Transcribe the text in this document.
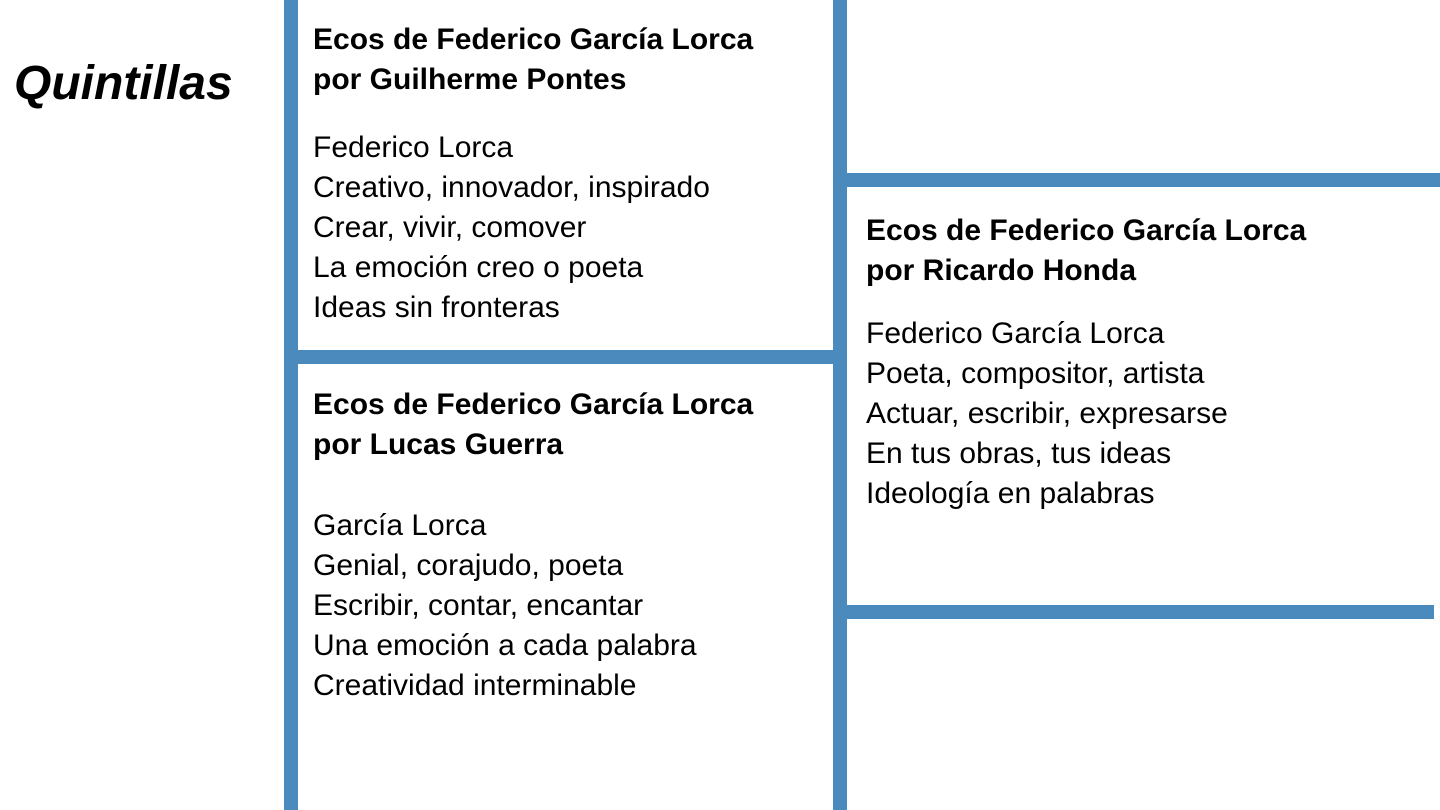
Quintillas
Ecos de Federico García Lorca
por Guilherme Pontes
Federico Lorca
Creativo, innovador, inspirado
Crear, vivir, comover
La emoción creo o poeta
Ideas sin fronteras
Ecos de Federico García Lorca
por Lucas Guerra
García Lorca
Genial, corajudo, poeta
Escribir, contar, encantar
Una emoción a cada palabra
Creatividad interminable
Ecos de Federico García Lorca
por Ricardo Honda
Federico García Lorca
Poeta, compositor, artista
Actuar, escribir, expresarse
En tus obras, tus ideas
Ideología en palabras
